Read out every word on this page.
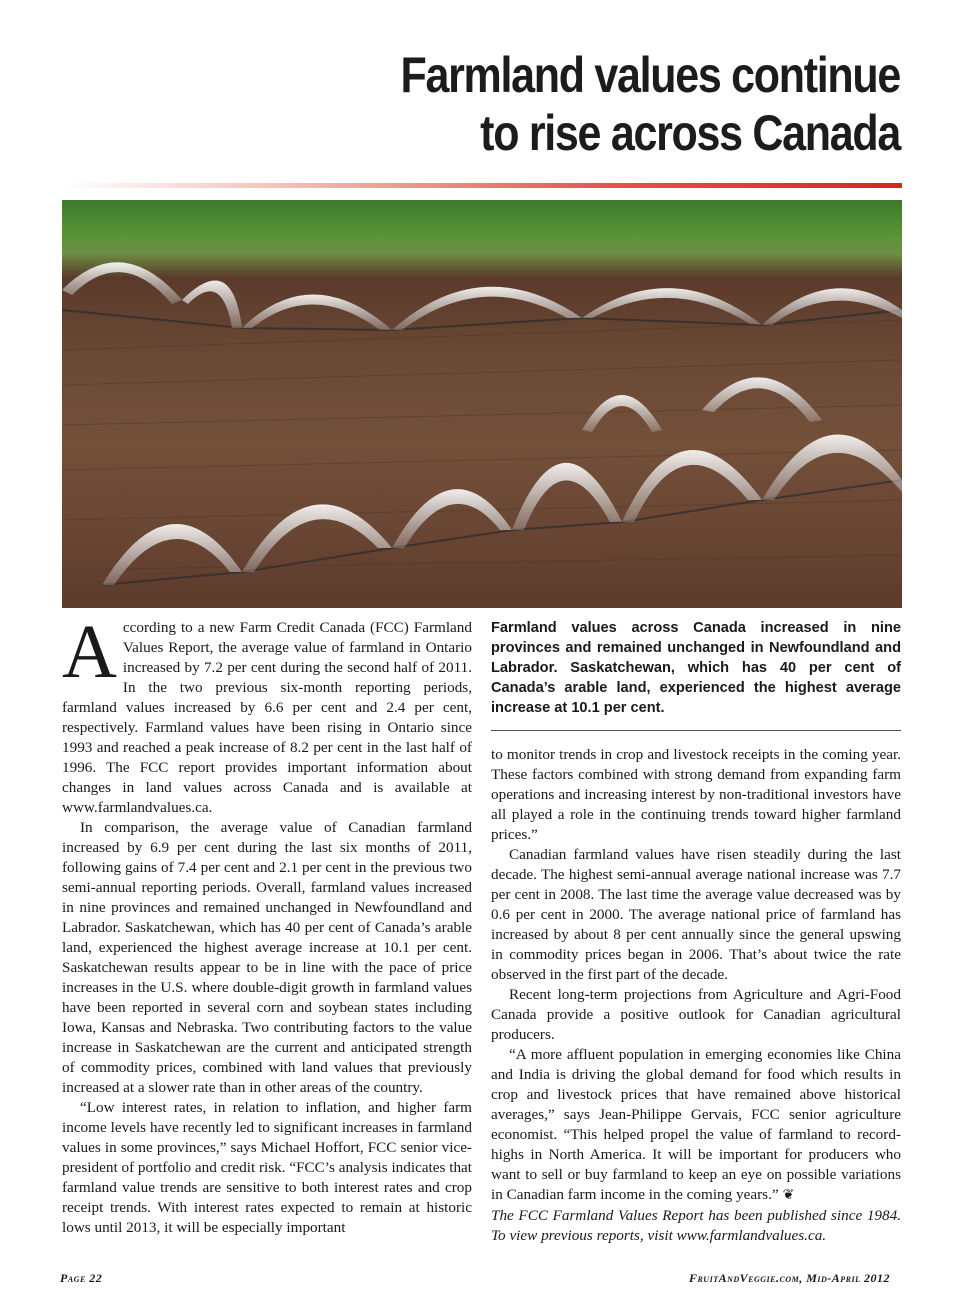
Farmland values continue
to rise across Canada

According to a new Farm Credit Canada (FCC) Farmland Values Report, the average value of farmland in Ontario increased by 7.2 per cent during the second half of 2011. In the two previous six-month reporting periods, farmland values increased by 6.6 per cent and 2.4 per cent, respectively. Farmland values have been rising in Ontario since 1993 and reached a peak increase of 8.2 per cent in the last half of 1996. The FCC report provides important information about changes in land values across Canada and is available at www.farmlandvalues.ca.

In comparison, the average value of Canadian farmland increased by 6.9 per cent during the last six months of 2011, following gains of 7.4 per cent and 2.1 per cent in the previous two semi-annual reporting periods. Overall, farmland values increased in nine provinces and remained unchanged in Newfoundland and Labrador. Saskatchewan, which has 40 per cent of Canada’s arable land, experienced the highest average increase at 10.1 per cent. Saskatchewan results appear to be in line with the pace of price increases in the U.S. where double-digit growth in farmland values have been reported in several corn and soybean states including Iowa, Kansas and Nebraska. Two contributing factors to the value increase in Saskatchewan are the current and anticipated strength of commodity prices, combined with land values that previously increased at a slower rate than in other areas of the country.

“Low interest rates, in relation to inflation, and higher farm income levels have recently led to significant increases in farmland values in some provinces,” says Michael Hoffort, FCC senior vice-president of portfolio and credit risk. “FCC’s analysis indicates that farmland value trends are sensitive to both interest rates and crop receipt trends. With interest rates expected to remain at historic lows until 2013, it will be especially important

Farmland values across Canada increased in nine provinces and remained unchanged in Newfoundland and Labrador. Saskatchewan, which has 40 per cent of Canada’s arable land, experienced the highest average increase at 10.1 per cent.

to monitor trends in crop and livestock receipts in the coming year. These factors combined with strong demand from expanding farm operations and increasing interest by non-traditional investors have all played a role in the continuing trends toward higher farmland prices.”

Canadian farmland values have risen steadily during the last decade. The highest semi-annual average national increase was 7.7 per cent in 2008. The last time the average value decreased was by 0.6 per cent in 2000. The average national price of farmland has increased by about 8 per cent annually since the general upswing in commodity prices began in 2006. That’s about twice the rate observed in the first part of the decade.

Recent long-term projections from Agriculture and Agri-Food Canada provide a positive outlook for Canadian agricultural producers.

“A more affluent population in emerging economies like China and India is driving the global demand for food which results in crop and livestock prices that have remained above historical averages,” says Jean-Philippe Gervais, FCC senior agriculture economist. “This helped propel the value of farmland to record-highs in North America. It will be important for producers who want to sell or buy farmland to keep an eye on possible variations in Canadian farm income in the coming years.” ❦

The FCC Farmland Values Report has been published since 1984. To view previous reports, visit www.farmlandvalues.ca.

Page 22	FruitAndVeggie.com, Mid-April 2012
